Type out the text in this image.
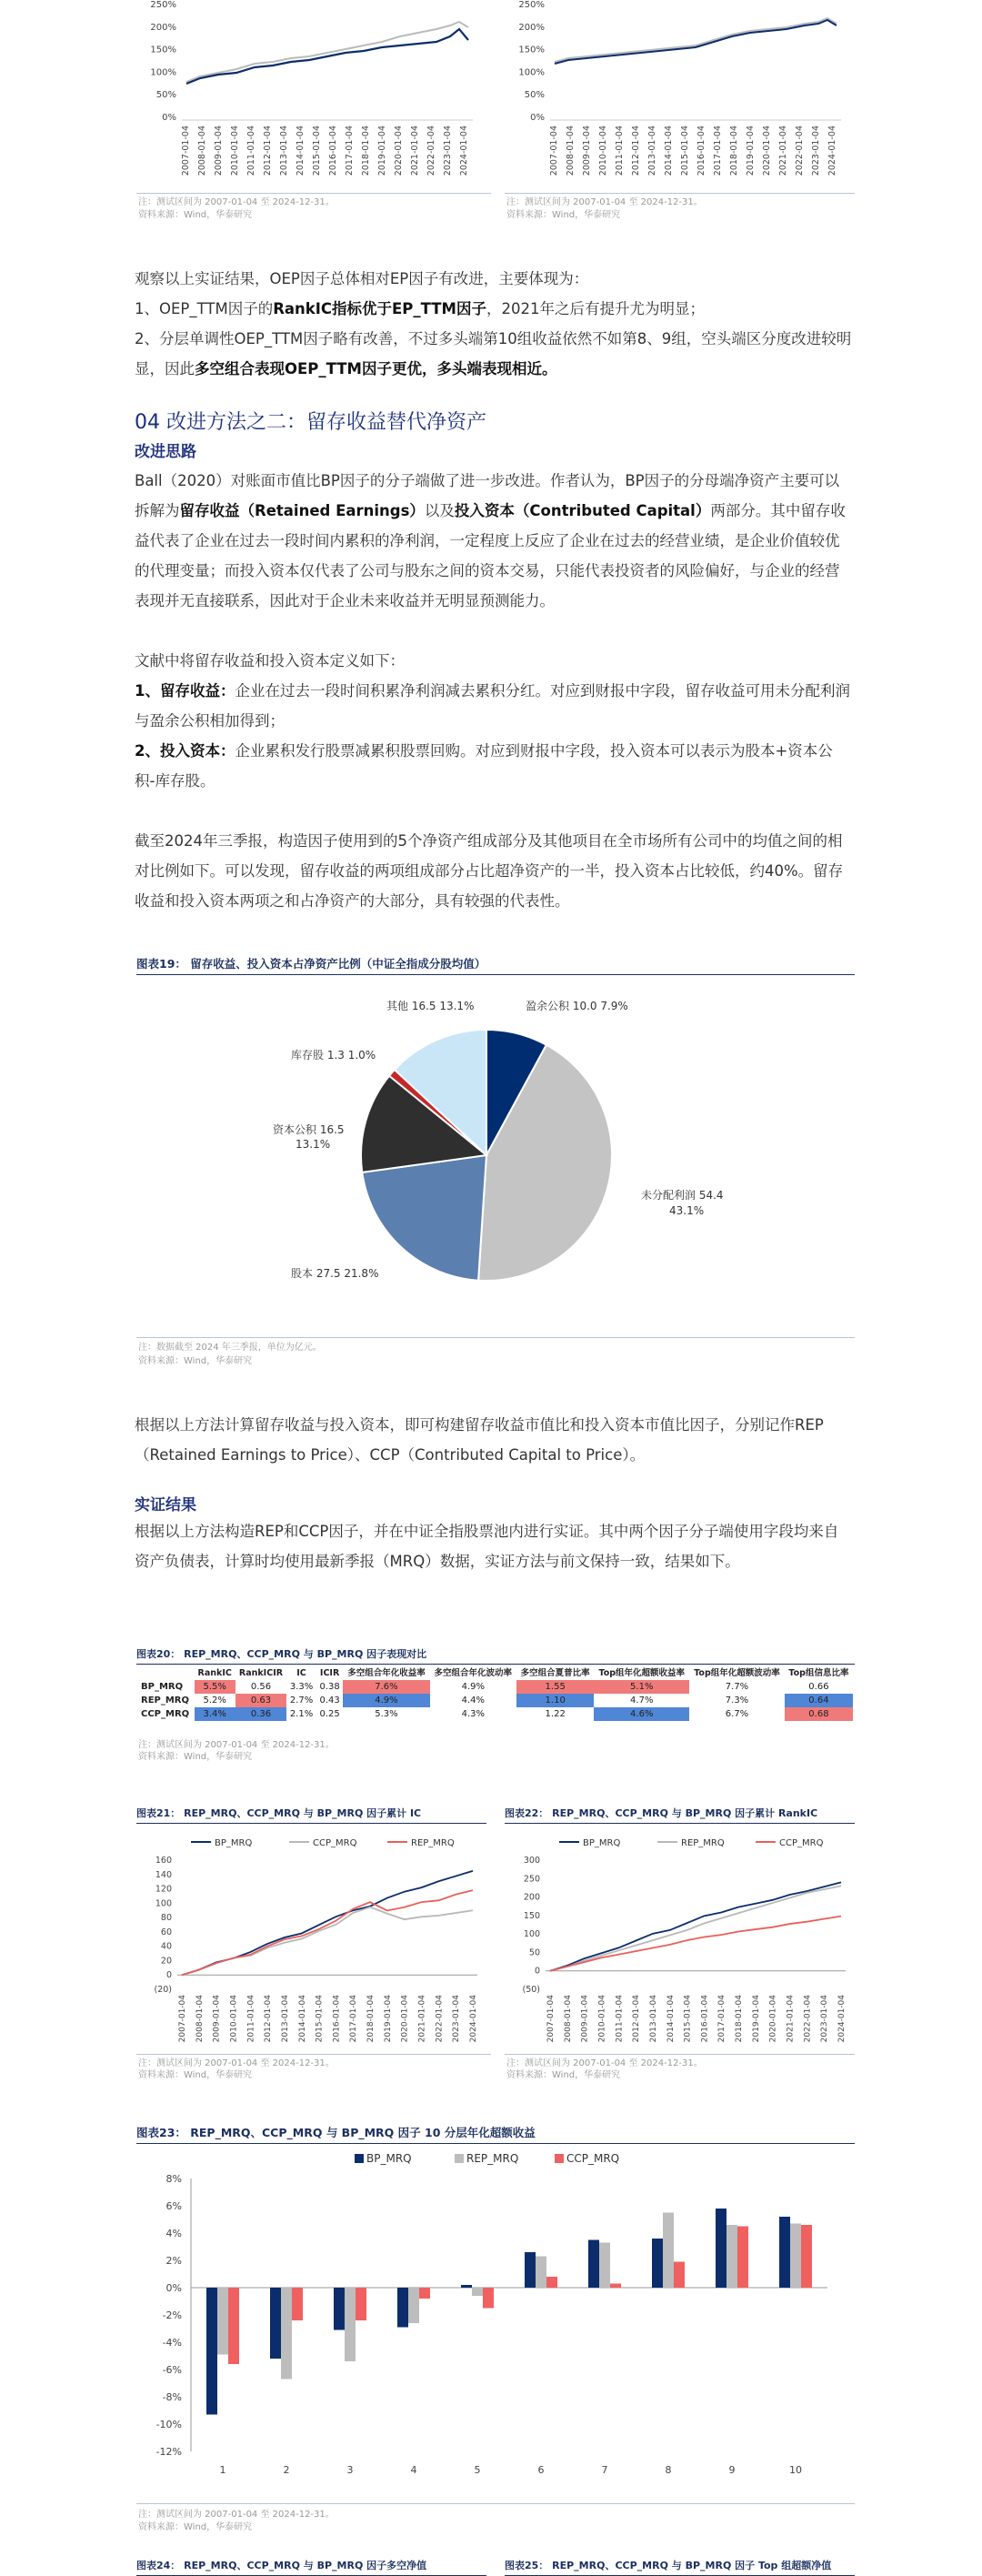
250%
200%
150%
100%
50%
0%
2007-01-04 2008-01-04 2009-01-04 2010-01-04 2011-01-04 2012-01-04 2013-01-04 2014-01-04 2015-01-04 2016-01-04 2017-01-04 2018-01-04 2019-01-04 2020-01-04 2021-01-04 2022-01-04 2023-01-04 2024-01-04
250%
200%
150%
100%
50%
0%
2007-01-04 2008-01-04 2009-01-04 2010-01-04 2011-01-04 2012-01-04 2013-01-04 2014-01-04 2015-01-04 2016-01-04 2017-01-04 2018-01-04 2019-01-04 2020-01-04 2021-01-04 2022-01-04 2023-01-04 2024-01-04
注：测试区间为 2007-01-04 至 2024-12-31。
资料来源：Wind，华泰研究
注：测试区间为 2007-01-04 至 2024-12-31。
资料来源：Wind，华泰研究
观察以上实证结果，OEP因子总体相对EP因子有改进，主要体现为：
1、OEP_TTM因子的RankIC指标优于EP_TTM因子，2021年之后有提升尤为明显；
2、分层单调性OEP_TTM因子略有改善，不过多头端第10组收益依然不如第8、9组，空头端区分度改进较明显，因此多空组合表现OEP_TTM因子更优，多头端表现相近。
04 改进方法之二：留存收益替代净资产
改进思路
Ball（2020）对账面市值比BP因子的分子端做了进一步改进。作者认为，BP因子的分母端净资产主要可以拆解为留存收益（Retained Earnings）以及投入资本（Contributed Capital）两部分。其中留存收益代表了企业在过去一段时间内累积的净利润，一定程度上反应了企业在过去的经营业绩，是企业价值较优的代理变量；而投入资本仅代表了公司与股东之间的资本交易，只能代表投资者的风险偏好，与企业的经营表现并无直接联系，因此对于企业未来收益并无明显预测能力。
文献中将留存收益和投入资本定义如下：
1、留存收益：企业在过去一段时间积累净利润减去累积分红。对应到财报中字段，留存收益可用未分配利润与盈余公积相加得到；
2、投入资本：企业累积发行股票减累积股票回购。对应到财报中字段，投入资本可以表示为股本+资本公积-库存股。
截至2024年三季报，构造因子使用到的5个净资产组成部分及其他项目在全市场所有公司中的均值之间的相对比例如下。可以发现，留存收益的两项组成部分占比超净资产的一半，投入资本占比较低，约40%。留存收益和投入资本两项之和占净资产的大部分，具有较强的代表性。
图表19： 留存收益、投入资本占净资产比例（中证全指成分股均值）
盈余公积 10.0 7.9%
未分配利润 54.4
43.1%
股本 27.5 21.8%
资本公积 16.5
13.1%
库存股 1.3 1.0%
其他 16.5 13.1%
注：数据截至 2024 年三季报，单位为亿元。
资料来源：Wind，华泰研究
根据以上方法计算留存收益与投入资本，即可构建留存收益市值比和投入资本市值比因子，分别记作REP（Retained Earnings to Price）、CCP（Contributed Capital to Price）。
实证结果
根据以上方法构造REP和CCP因子，并在中证全指股票池内进行实证。其中两个因子分子端使用字段均来自资产负债表，计算时均使用最新季报（MRQ）数据，实证方法与前文保持一致，结果如下。
图表20： REP_MRQ、CCP_MRQ 与 BP_MRQ 因子表现对比
	RankIC	RankICIR	IC	ICIR	多空组合年化收益率	多空组合年化波动率	多空组合夏普比率	Top组年化超额收益率	Top组年化超额波动率	Top组信息比率
BP_MRQ	5.5%	0.56	3.3%	0.38	7.6%	4.9%	1.55	5.1%	7.7%	0.66
REP_MRQ	5.2%	0.63	2.7%	0.43	4.9%	4.4%	1.10	4.7%	7.3%	0.64
CCP_MRQ	3.4%	0.36	2.1%	0.25	5.3%	4.3%	1.22	4.6%	6.7%	0.68
注：测试区间为 2007-01-04 至 2024-12-31。
资料来源：Wind，华泰研究
图表21： REP_MRQ、CCP_MRQ 与 BP_MRQ 因子累计 IC	图表22： REP_MRQ、CCP_MRQ 与 BP_MRQ 因子累计 RankIC
160
140
120
100
80
60
40
20
0
(20)
BP_MRQ	CCP_MRQ	REP_MRQ
2007-01-04 2008-01-04 2009-01-04 2010-01-04 2011-01-04 2012-01-04 2013-01-04 2014-01-04 2015-01-04 2016-01-04 2017-01-04 2018-01-04 2019-01-04 2020-01-04 2021-01-04 2022-01-04 2023-01-04 2024-01-04
300
250
200
150
100
50
0
(50)
BP_MRQ	REP_MRQ	CCP_MRQ
2007-01-04 2008-01-04 2009-01-04 2010-01-04 2011-01-04 2012-01-04 2013-01-04 2014-01-04 2015-01-04 2016-01-04 2017-01-04 2018-01-04 2019-01-04 2020-01-04 2021-01-04 2022-01-04 2023-01-04 2024-01-04
注：测试区间为 2007-01-04 至 2024-12-31。
资料来源：Wind，华泰研究
注：测试区间为 2007-01-04 至 2024-12-31。
资料来源：Wind，华泰研究
图表23： REP_MRQ、CCP_MRQ 与 BP_MRQ 因子 10 分层年化超额收益
8%
6%
4%
2%
0%
-2%
-4%
-6%
-8%
-10%
-12%
BP_MRQ	REP_MRQ	CCP_MRQ
1	2	3	4	5	6	7	8	9	10
注：测试区间为 2007-01-04 至 2024-12-31。
资料来源：Wind，华泰研究
图表24： REP_MRQ、CCP_MRQ 与 BP_MRQ 因子多空净值	图表25： REP_MRQ、CCP_MRQ 与 BP_MRQ 因子 Top 组超额净值
